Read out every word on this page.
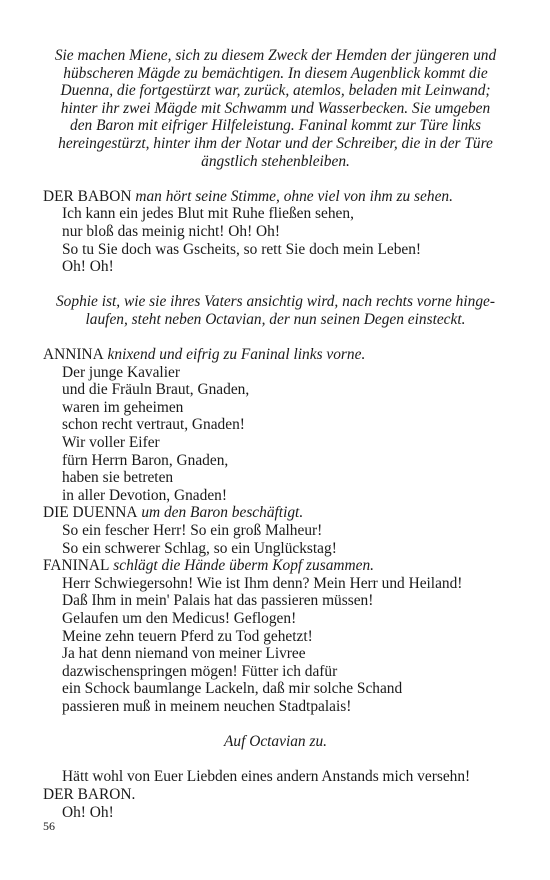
Sie machen Miene, sich zu diesem Zweck der Hemden der jüngeren und
hübscheren Mägde zu bemächtigen. In diesem Augenblick kommt die
Duenna, die fortgestürzt war, zurück, atemlos, beladen mit Leinwand;
hinter ihr zwei Mägde mit Schwamm und Wasserbecken. Sie umgeben
den Baron mit eifriger Hilfeleistung. Faninal kommt zur Türe links
hereingestürzt, hinter ihm der Notar und der Schreiber, die in der Türe
ängstlich stehenbleiben.
DER BABON man hört seine Stimme, ohne viel von ihm zu sehen.
Ich kann ein jedes Blut mit Ruhe fließen sehen,
nur bloß das meinig nicht! Oh! Oh!
So tu Sie doch was Gscheits, so rett Sie doch mein Leben!
Oh! Oh!
Sophie ist, wie sie ihres Vaters ansichtig wird, nach rechts vorne hinge-
laufen, steht neben Octavian, der nun seinen Degen einsteckt.
ANNINA knixend und eifrig zu Faninal links vorne.
Der junge Kavalier
und die Fräuln Braut, Gnaden,
waren im geheimen
schon recht vertraut, Gnaden!
Wir voller Eifer
fürn Herrn Baron, Gnaden,
haben sie betreten
in aller Devotion, Gnaden!
DIE DUENNA um den Baron beschäftigt.
So ein fescher Herr! So ein groß Malheur!
So ein schwerer Schlag, so ein Unglückstag!
FANINAL schlägt die Hände überm Kopf zusammen.
Herr Schwiegersohn! Wie ist Ihm denn? Mein Herr und Heiland!
Daß Ihm in mein' Palais hat das passieren müssen!
Gelaufen um den Medicus! Geflogen!
Meine zehn teuern Pferd zu Tod gehetzt!
Ja hat denn niemand von meiner Livree
dazwischenspringen mögen! Fütter ich dafür
ein Schock baumlange Lackeln, daß mir solche Schand
passieren muß in meinem neuchen Stadtpalais!
Auf Octavian zu.
Hätt wohl von Euer Liebden eines andern Anstands mich versehn!
DER BARON.
Oh! Oh!
56
